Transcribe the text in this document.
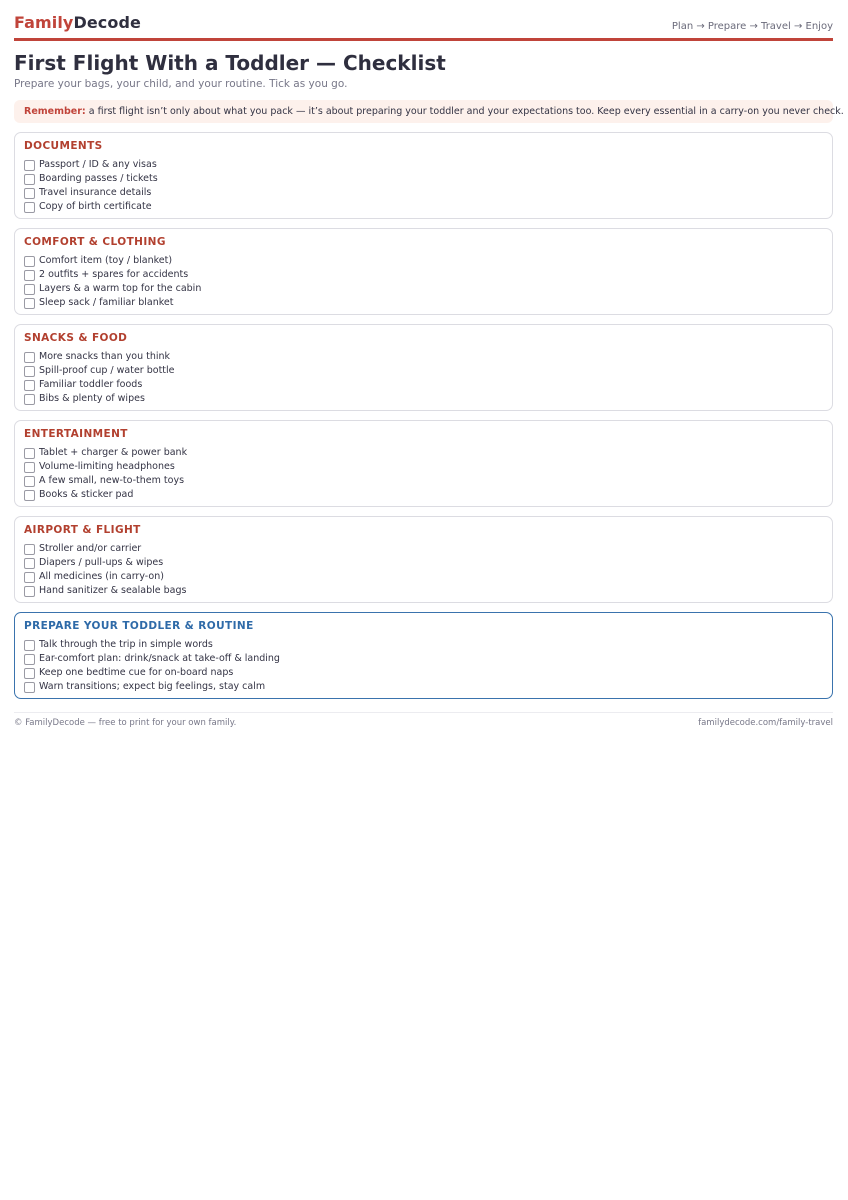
FamilyDecode	Plan → Prepare → Travel → Enjoy
First Flight With a Toddler — Checklist
Prepare your bags, your child, and your routine. Tick as you go.
Remember: a first flight isn’t only about what you pack — it’s about preparing your toddler and your expectations too. Keep every essential in a carry-on you never check.
DOCUMENTS
Passport / ID & any visas
Boarding passes / tickets
Travel insurance details
Copy of birth certificate
COMFORT & CLOTHING
Comfort item (toy / blanket)
2 outfits + spares for accidents
Layers & a warm top for the cabin
Sleep sack / familiar blanket
SNACKS & FOOD
More snacks than you think
Spill-proof cup / water bottle
Familiar toddler foods
Bibs & plenty of wipes
ENTERTAINMENT
Tablet + charger & power bank
Volume-limiting headphones
A few small, new-to-them toys
Books & sticker pad
AIRPORT & FLIGHT
Stroller and/or carrier
Diapers / pull-ups & wipes
All medicines (in carry-on)
Hand sanitizer & sealable bags
PREPARE YOUR TODDLER & ROUTINE
Talk through the trip in simple words
Ear-comfort plan: drink/snack at take-off & landing
Keep one bedtime cue for on-board naps
Warn transitions; expect big feelings, stay calm
© FamilyDecode — free to print for your own family.	familydecode.com/family-travel
